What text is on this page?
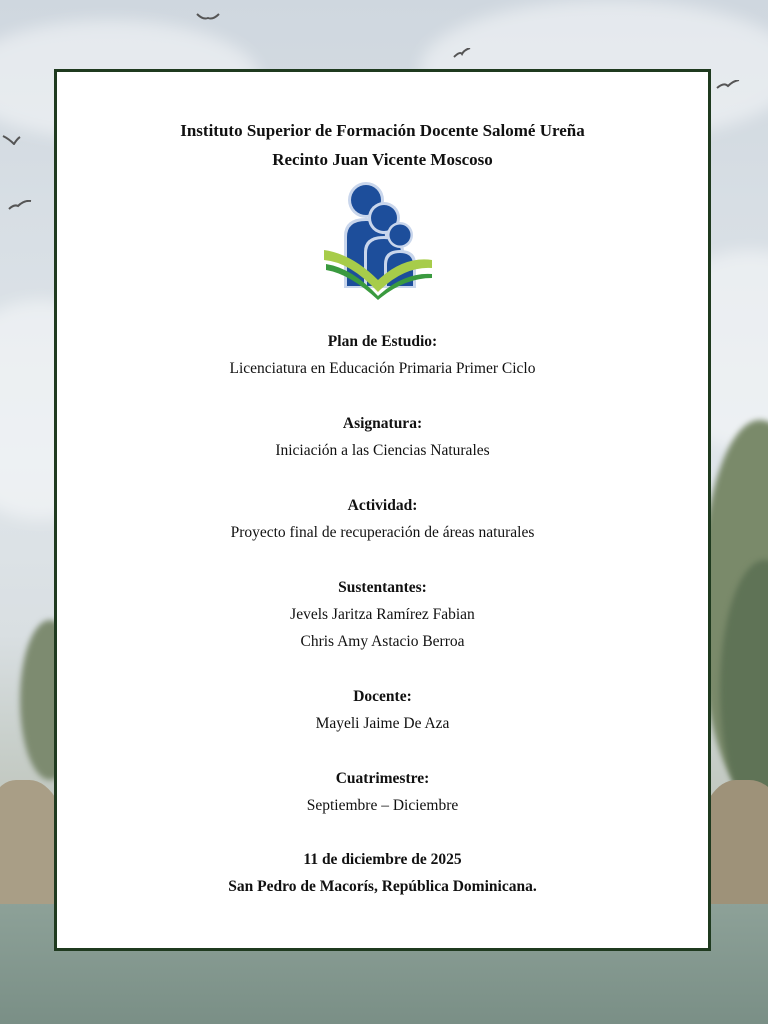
Instituto Superior de Formación Docente Salomé Ureña
Recinto Juan Vicente Moscoso
Plan de Estudio:
Licenciatura en Educación Primaria Primer Ciclo
Asignatura:
Iniciación a las Ciencias Naturales
Actividad:
Proyecto final de recuperación de áreas naturales
Sustentantes:
Jevels Jaritza Ramírez Fabian
Chris Amy Astacio Berroa
Docente:
Mayeli Jaime De Aza
Cuatrimestre:
Septiembre – Diciembre
11 de diciembre de 2025
San Pedro de Macorís, República Dominicana.
